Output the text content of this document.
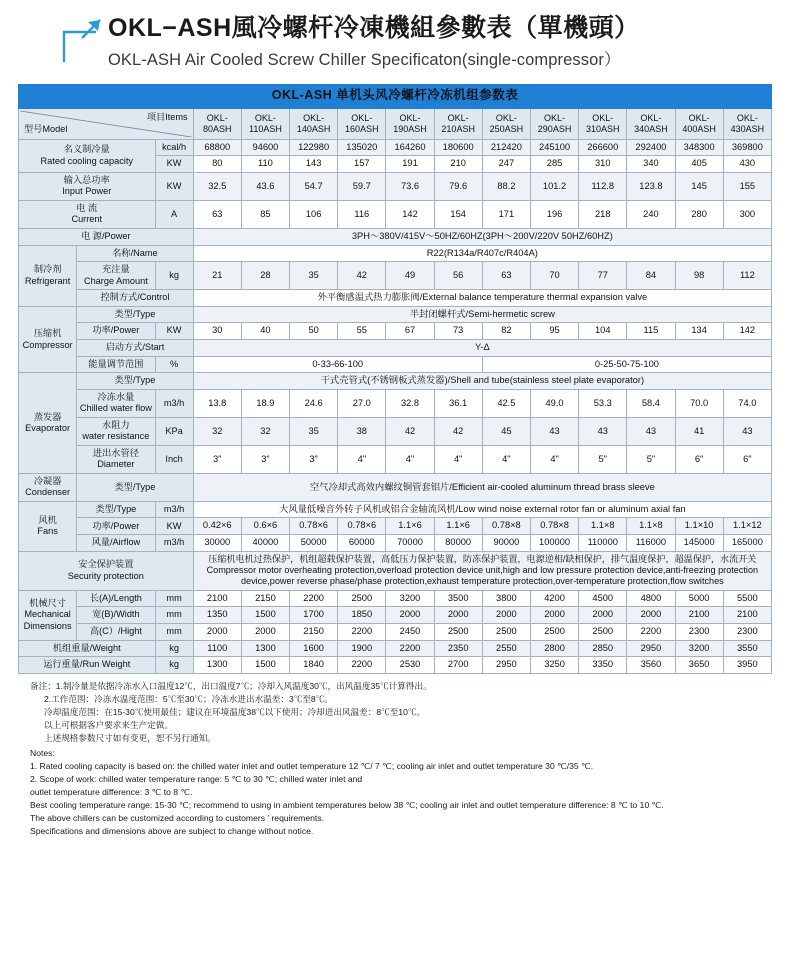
OKL−ASH風冷螺杆冷凍機組參數表（單機頭）
OKL-ASH Air Cooled Screw Chiller Specificaton(single-compressor）
OKL-ASH 单机头风冷螺杆冷冻机组参数表														

型号Model
项目Items			OKL-80ASH	OKL-110ASH	OKL-140ASH	OKL-160ASH	OKL-190ASH	OKL-210ASH	OKL-250ASH	OKL-290ASH	OKL-310ASH	OKL-340ASH	OKL-400ASH	OKL-430ASH

名义制冷量
Rated cooling capacity		kcal/h	68800	94600	122980	135020	164260	180600	212420	245100	266600	292400	348300	369800
		KW	80	110	143	157	191	210	247	285	310	340	405	430

输入总功率
Input Power		KW	32.5	43.6	54.7	59.7	73.6	79.6	88.2	101.2	112.8	123.8	145	155

电 流
Current		A	63	85	106	116	142	154	171	196	218	240	280	300
电 源/Power			3PH～380V/415V～50HZ/60HZ(3PH～200V/220V 50HZ/60HZ)											

制冷剂
Refrigerant	名称/Name		R22(R134a/R407c/R404A)											

	充注量
Charge Amount	kg	21	28	35	42	49	56	63	70	77	84	98	112

	控制方式/Control		外平衡感温式热力膨胀阀/External balance temperature thermal expansion valve											

压缩机
Compressor	类型/Type		半封闭螺杆式/Semi-hermetic screw											
	功率/Power	KW	30	40	50	55	67	73	82	95	104	115	134	142
	启动方式/Start		Y-Δ											
	能量调节范围	%	0-33-66-100						0-25-50-75-100					

蒸发器
Evaporator	类型/Type		干式壳管式(不锈钢板式蒸发器)/Shell and tube(stainless steel plate evaporator)											

	冷冻水量
Chilled water flow	m3/h	13.8	18.9	24.6	27.0	32.8	36.1	42.5	49.0	53.3	58.4	70.0	74.0

	水阻力
water resistance	KPa	32	32	35	38	42	42	45	43	43	43	41	43

	进出水管径
Diameter	Inch	3"	3"	3"	4"	4"	4"	4"	4"	5"	5"	6"	6"

冷凝器
Condenser	类型/Type		空气冷却式高效内螺纹铜管套铝片/Efficient air-cooled aluminum thread brass sleeve											

风机
Fans	类型/Type	m3/h	大风量低噪音外转子风机或铝合金轴流风机/Low wind noise external rotor fan or aluminum axial fan											
	功率/Power	KW	0.42×6	0.6×6	0.78×6	0.78×6	1.1×6	1.1×6	0.78×8	0.78×8	1.1×8	1.1×8	1.1×10	1.1×12
	风量/Airflow	m3/h	30000	40000	50000	60000	70000	80000	90000	100000	110000	116000	145000	165000

安全保护装置
Security protection

压缩机电机过热保护，机组超载保护装置，高低压力保护装置，防冻保护装置，电源逆相/缺相保护，排气温度保护，超温保护，水流开关
Compressor motor overheating protection,overload protection device unit,high and low pressure protection device,anti-freezing protection device,power reverse phase/phase protection,exhaust temperature protection,over-temperature protection,flow switches

机械尺寸
Mechanical
Dimensions	长(A)/Length	mm	2100	2150	2200	2500	3200	3500	3800	4200	4500	4800	5000	5500
	宽(B)/Width	mm	1350	1500	1700	1850	2000	2000	2000	2000	2000	2000	2100	2100
	高(C）/Hight	mm	2000	2000	2150	2200	2450	2500	2500	2500	2500	2200	2300	2300
机组重量/Weight		kg	1100	1300	1600	1900	2200	2350	2550	2800	2850	2950	3200	3550
运行重量/Run Weight		kg	1300	1500	1840	2200	2530	2700	2950	3250	3350	3560	3650	3950
备注：1.制冷量是依据冷冻水入口温度12℃，出口温度7℃；冷却入风温度30℃，出风温度35℃计算得出。
2.工作范围：冷冻水温度范围：5℃至30℃；冷冻水进出水温差：3℃至8℃。
冷却温度范围：在15-30℃使用最佳；建议在环境温度38℃以下使用；冷却进出风温差：8℃至10℃。
以上可根据客户要求来生产定做。
上述规格参数尺寸如有变更，恕不另行通知。
Notes:
1. Rated cooling capacity is based on: the chilled water inlet and outlet temperature 12 ℃/ 7 ℃; cooling air inlet and outlet temperature 30 ℃/35 ℃.
2. Scope of work: chilled water temperature range: 5 ℃ to 30 ℃; chilled water inlet and
outlet temperature difference: 3 ℃ to 8 ℃.
Best cooling temperature range: 15-30 ℃; recommend to using in ambient temperatures below 38 ℃; cooling air inlet and outlet temperature difference: 8 ℃ to 10 ℃.
The above chillers can be customized according to customers ' requirements.
Specifications and dimensions above are subject to change without notice.
